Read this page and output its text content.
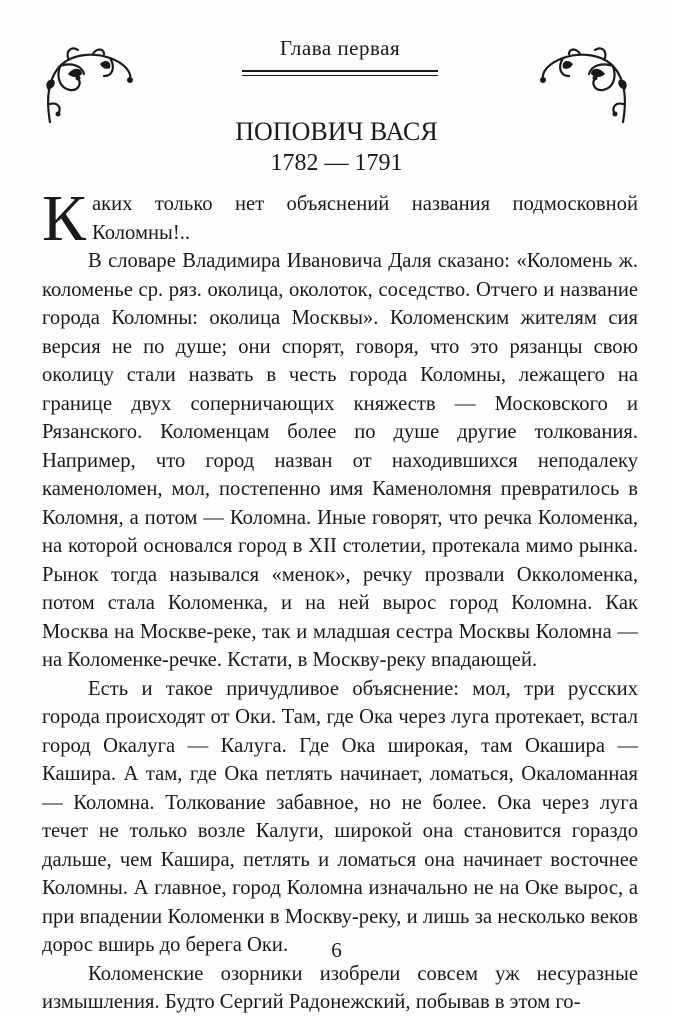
Глава первая
ПОПОВИЧ ВАСЯ
1782 — 1791

Каких только нет объяснений названия подмосковной Коломны!..

В словаре Владимира Ивановича Даля сказано: «Коломень ж. коломенье ср. ряз. околица, околоток, соседство. Отчего и название города Коломны: околица Москвы». Коломенским жителям сия версия не по душе; они спорят, говоря, что это рязанцы свою околицу стали назвать в честь города Коломны, лежащего на границе двух соперничающих княжеств — Московского и Рязанского. Коломенцам более по душе другие толкования. Например, что город назван от находившихся неподалеку каменоломен, мол, постепенно имя Каменоломня превратилось в Коломня, а потом — Коломна. Иные говорят, что речка Коломенка, на которой основался город в XII столетии, протекала мимо рынка. Рынок тогда назывался «менок», речку прозвали Окколоменка, потом стала Коломенка, и на ней вырос город Коломна. Как Москва на Москве-реке, так и младшая сестра Москвы Коломна — на Коломенке-речке. Кстати, в Москву-реку впадающей.

Есть и такое причудливое объяснение: мол, три русских города происходят от Оки. Там, где Ока через луга протекает, встал город Окалуга — Калуга. Где Ока широкая, там Окашира — Кашира. А там, где Ока петлять начинает, ломаться, Окаломанная — Коломна. Толкование забавное, но не более. Ока через луга течет не только возле Калуги, широкой она становится гораздо дальше, чем Кашира, петлять и ломаться она начинает восточнее Коломны. А главное, город Коломна изначально не на Оке вырос, а при впадении Коломенки в Москву-реку, и лишь за несколько веков дорос вширь до берега Оки.

Коломенские озорники изобрели совсем уж несуразные измышления. Будто Сергий Радонежский, побывав в этом го-

6
